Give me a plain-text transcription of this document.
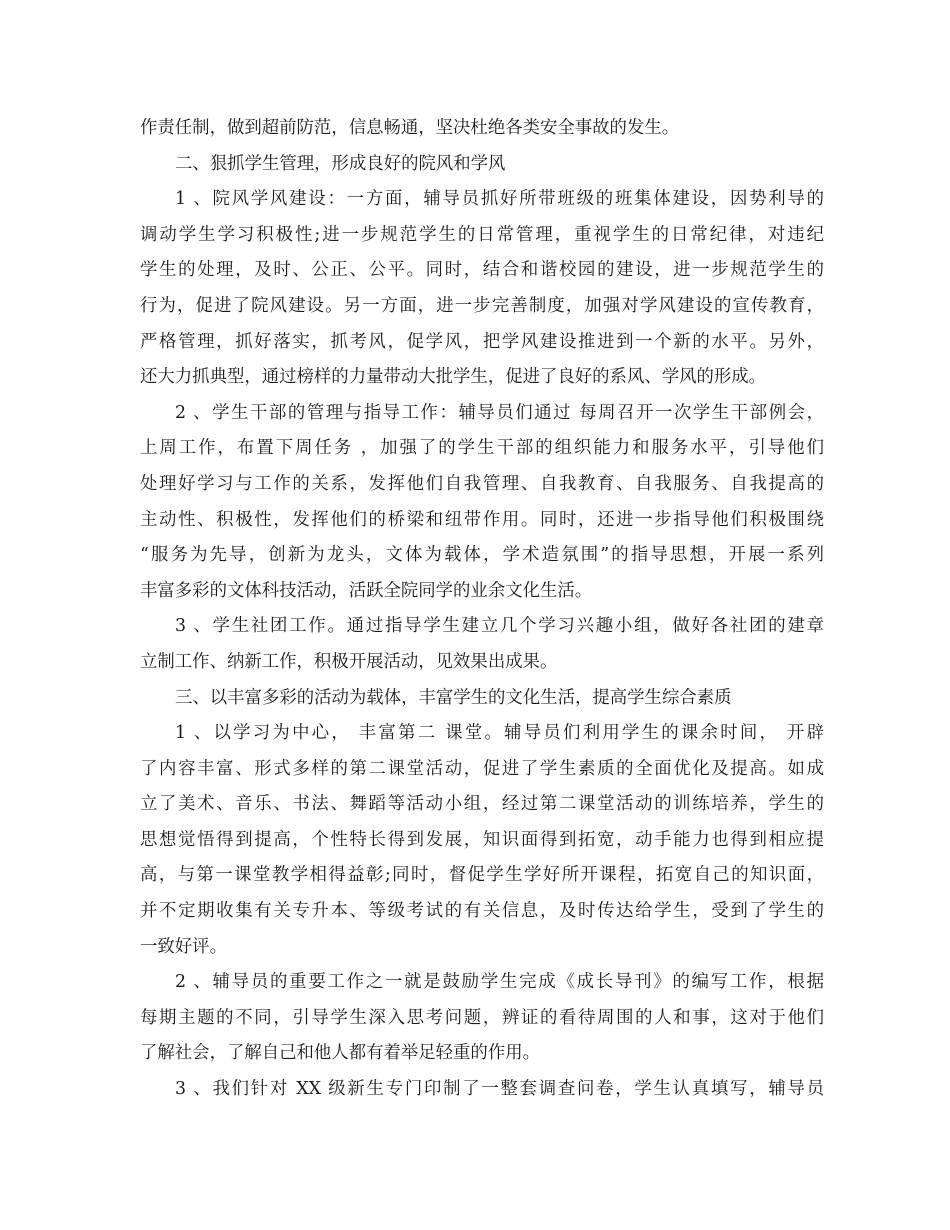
作责任制，做到超前防范，信息畅通，坚决杜绝各类安全事故的发生。
二、狠抓学生管理，形成良好的院风和学风
1 、院风学风建设：一方面，辅导员抓好所带班级的班集体建设，因势利导的
调动学生学习积极性;进一步规范学生的日常管理，重视学生的日常纪律，对违纪
学生的处理，及时、公正、公平。同时，结合和谐校园的建设，进一步规范学生的
行为，促进了院风建设。另一方面，进一步完善制度，加强对学风建设的宣传教育，
严格管理，抓好落实，抓考风，促学风，把学风建设推进到一个新的水平。另外，
还大力抓典型，通过榜样的力量带动大批学生，促进了良好的系风、学风的形成。
2 、学生干部的管理与指导工作：辅导员们通过 每周召开一次学生干部例会，
上周工作，布置下周任务 ，加强了的学生干部的组织能力和服务水平，引导他们
处理好学习与工作的关系，发挥他们自我管理、自我教育、自我服务、自我提高的
主动性、积极性，发挥他们的桥梁和纽带作用。同时，还进一步指导他们积极围绕
“服务为先导，创新为龙头，文体为载体，学术造氛围”的指导思想，开展一系列
丰富多彩的文体科技活动，活跃全院同学的业余文化生活。
3 、学生社团工作。通过指导学生建立几个学习兴趣小组，做好各社团的建章
立制工作、纳新工作，积极开展活动，见效果出成果。
三、以丰富多彩的活动为载体，丰富学生的文化生活，提高学生综合素质
1 、以学习为中心， 丰富第二 课堂。辅导员们利用学生的课余时间， 开辟
了内容丰富、形式多样的第二课堂活动，促进了学生素质的全面优化及提高。如成
立了美术、音乐、书法、舞蹈等活动小组，经过第二课堂活动的训练培养，学生的
思想觉悟得到提高，个性特长得到发展，知识面得到拓宽，动手能力也得到相应提
高，与第一课堂教学相得益彰;同时，督促学生学好所开课程，拓宽自己的知识面，
并不定期收集有关专升本、等级考试的有关信息，及时传达给学生，受到了学生的
一致好评。
2 、辅导员的重要工作之一就是鼓励学生完成《成长导刊》的编写工作，根据
每期主题的不同，引导学生深入思考问题，辨证的看待周围的人和事，这对于他们
了解社会，了解自己和他人都有着举足轻重的作用。
3 、我们针对 XX 级新生专门印制了一整套调查问卷，学生认真填写，辅导员
